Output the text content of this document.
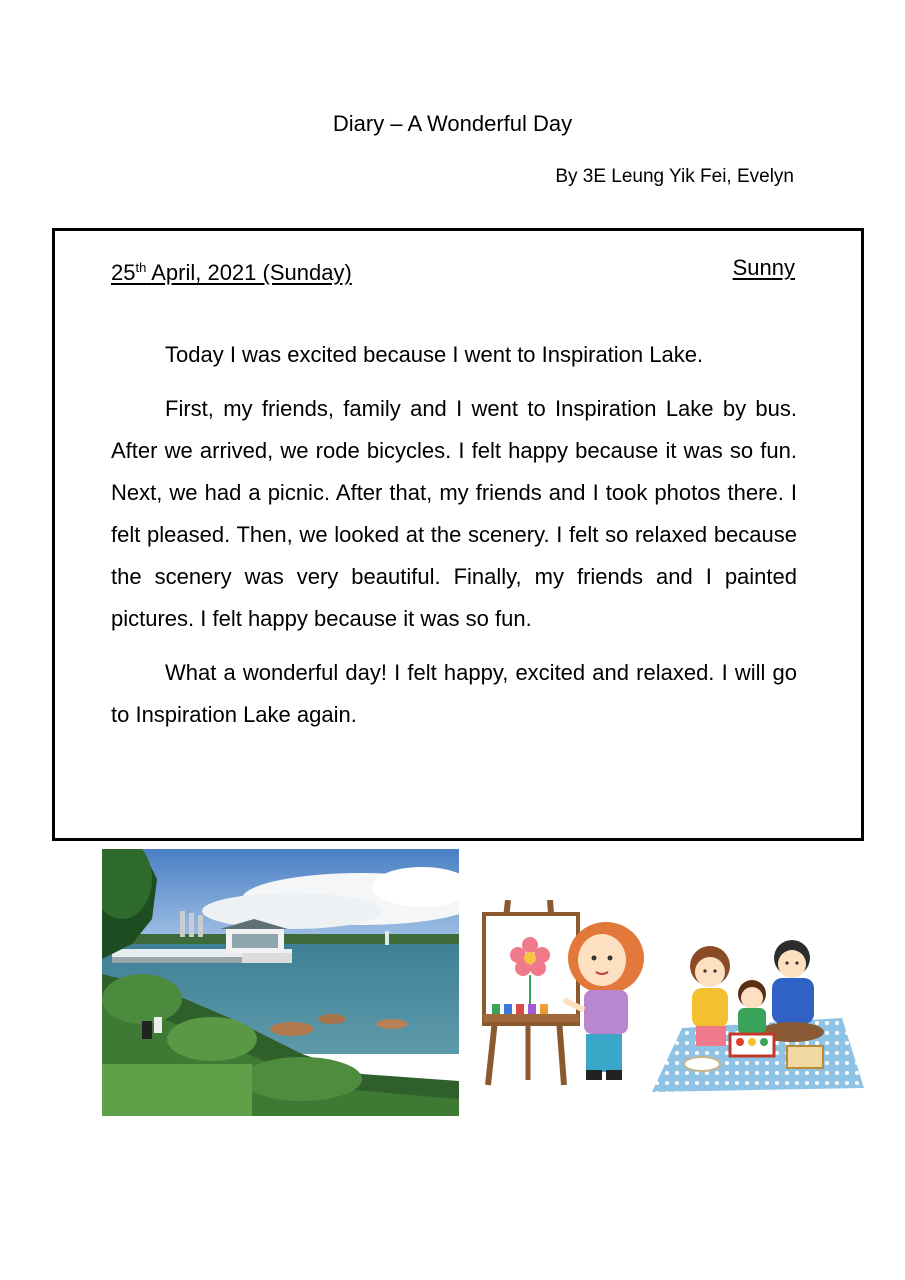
Diary – A Wonderful Day
By 3E Leung Yik Fei, Evelyn
25th April, 2021 (Sunday)	Sunny

Today I was excited because I went to Inspiration Lake.

First, my friends, family and I went to Inspiration Lake by bus. After we arrived, we rode bicycles. I felt happy because it was so fun. Next, we had a picnic. After that, my friends and I took photos there. I felt pleased. Then, we looked at the scenery. I felt so relaxed because the scenery was very beautiful. Finally, my friends and I painted pictures. I felt happy because it was so fun.

What a wonderful day! I felt happy, excited and relaxed. I will go to Inspiration Lake again.
